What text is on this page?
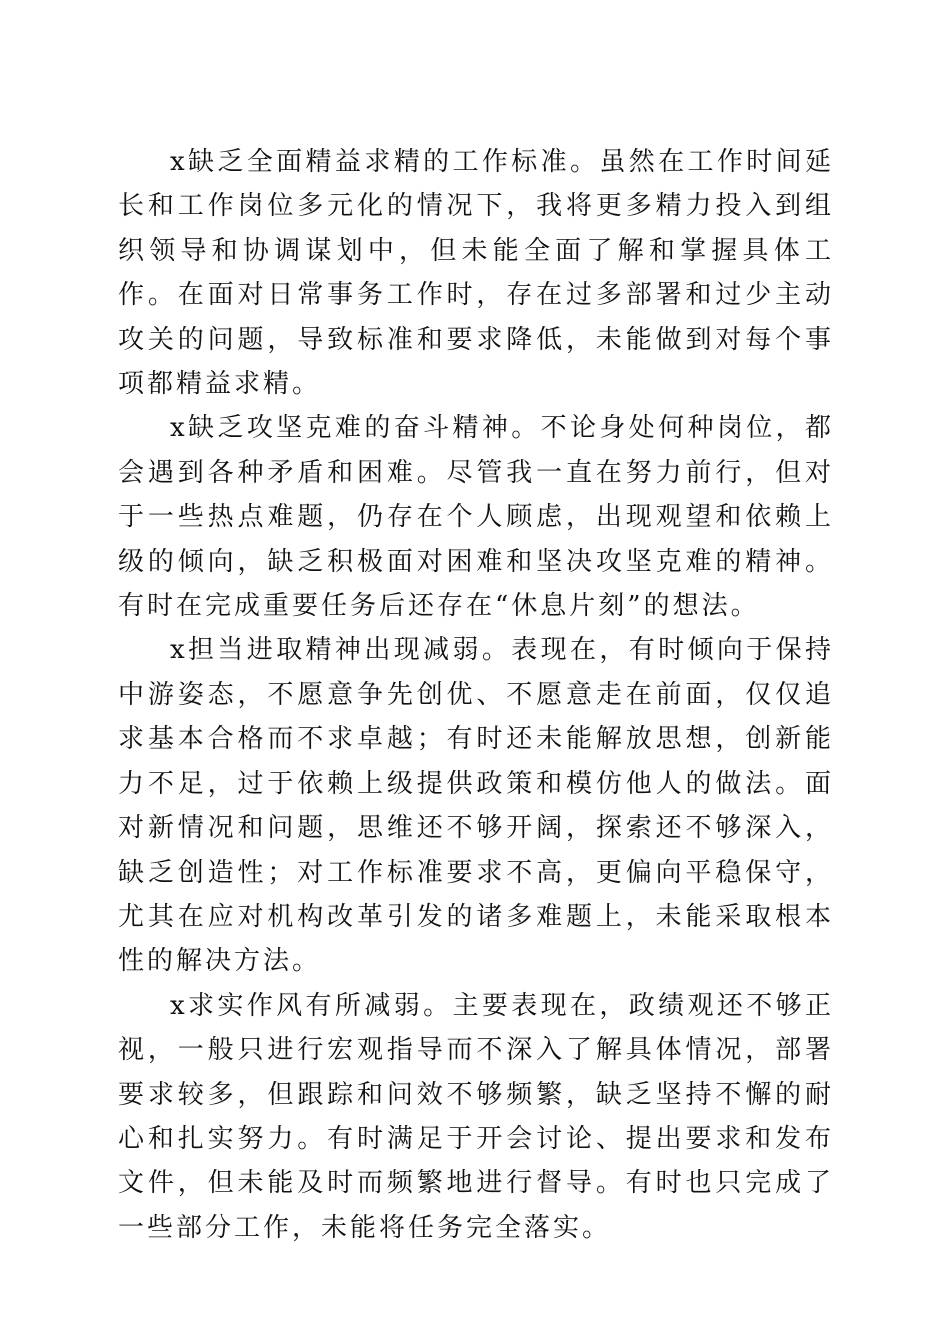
x缺乏全面精益求精的工作标准。虽然在工作时间延长和工作岗位多元化的情况下，我将更多精力投入到组织领导和协调谋划中，但未能全面了解和掌握具体工作。在面对日常事务工作时，存在过多部署和过少主动攻关的问题，导致标准和要求降低，未能做到对每个事项都精益求精。

x缺乏攻坚克难的奋斗精神。不论身处何种岗位，都会遇到各种矛盾和困难。尽管我一直在努力前行，但对于一些热点难题，仍存在个人顾虑，出现观望和依赖上级的倾向，缺乏积极面对困难和坚决攻坚克难的精神。有时在完成重要任务后还存在“休息片刻”的想法。

x担当进取精神出现减弱。表现在，有时倾向于保持中游姿态，不愿意争先创优、不愿意走在前面，仅仅追求基本合格而不求卓越；有时还未能解放思想，创新能力不足，过于依赖上级提供政策和模仿他人的做法。面对新情况和问题，思维还不够开阔，探索还不够深入，缺乏创造性；对工作标准要求不高，更偏向平稳保守，尤其在应对机构改革引发的诸多难题上，未能采取根本性的解决方法。

x求实作风有所减弱。主要表现在，政绩观还不够正视，一般只进行宏观指导而不深入了解具体情况，部署要求较多，但跟踪和问效不够频繁，缺乏坚持不懈的耐心和扎实努力。有时满足于开会讨论、提出要求和发布文件，但未能及时而频繁地进行督导。有时也只完成了一些部分工作，未能将任务完全落实。
